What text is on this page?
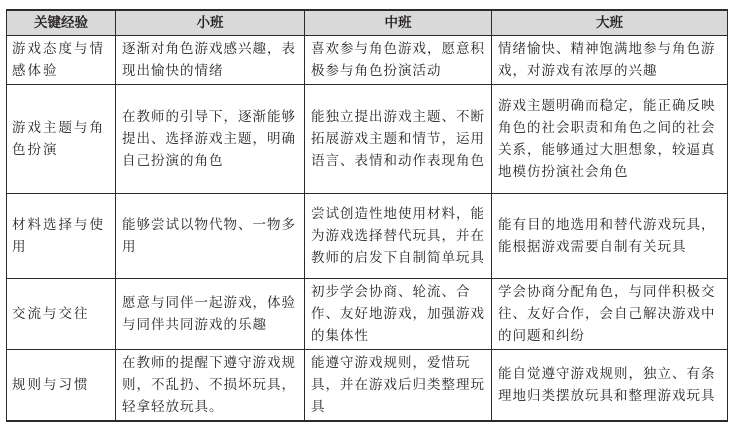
关键经验	小班	中班	大班
游戏态度与情感体验	逐渐对角色游戏感兴趣，表现出愉快的情绪	喜欢参与角色游戏，愿意积极参与角色扮演活动	情绪愉快、精神饱满地参与角色游戏，对游戏有浓厚的兴趣
游戏主题与角色扮演	在教师的引导下，逐渐能够提出、选择游戏主题，明确自己扮演的角色	能独立提出游戏主题、不断拓展游戏主题和情节，运用语言、表情和动作表现角色	游戏主题明确而稳定，能正确反映角色的社会职责和角色之间的社会关系，能够通过大胆想象，较逼真地模仿扮演社会角色
材料选择与使用	能够尝试以物代物、一物多用	尝试创造性地使用材料，能为游戏选择替代玩具，并在教师的启发下自制简单玩具	能有目的地选用和替代游戏玩具，能根据游戏需要自制有关玩具
交流与交往	愿意与同伴一起游戏，体验与同伴共同游戏的乐趣	初步学会协商、轮流、合作、友好地游戏，加强游戏的集体性	学会协商分配角色，与同伴积极交往、友好合作，会自己解决游戏中的问题和纠纷
规则与习惯	在教师的提醒下遵守游戏规则，不乱扔、不损坏玩具，轻拿轻放玩具。	能遵守游戏规则，爱惜玩具，并在游戏后归类整理玩具	能自觉遵守游戏规则，独立、有条理地归类摆放玩具和整理游戏玩具
